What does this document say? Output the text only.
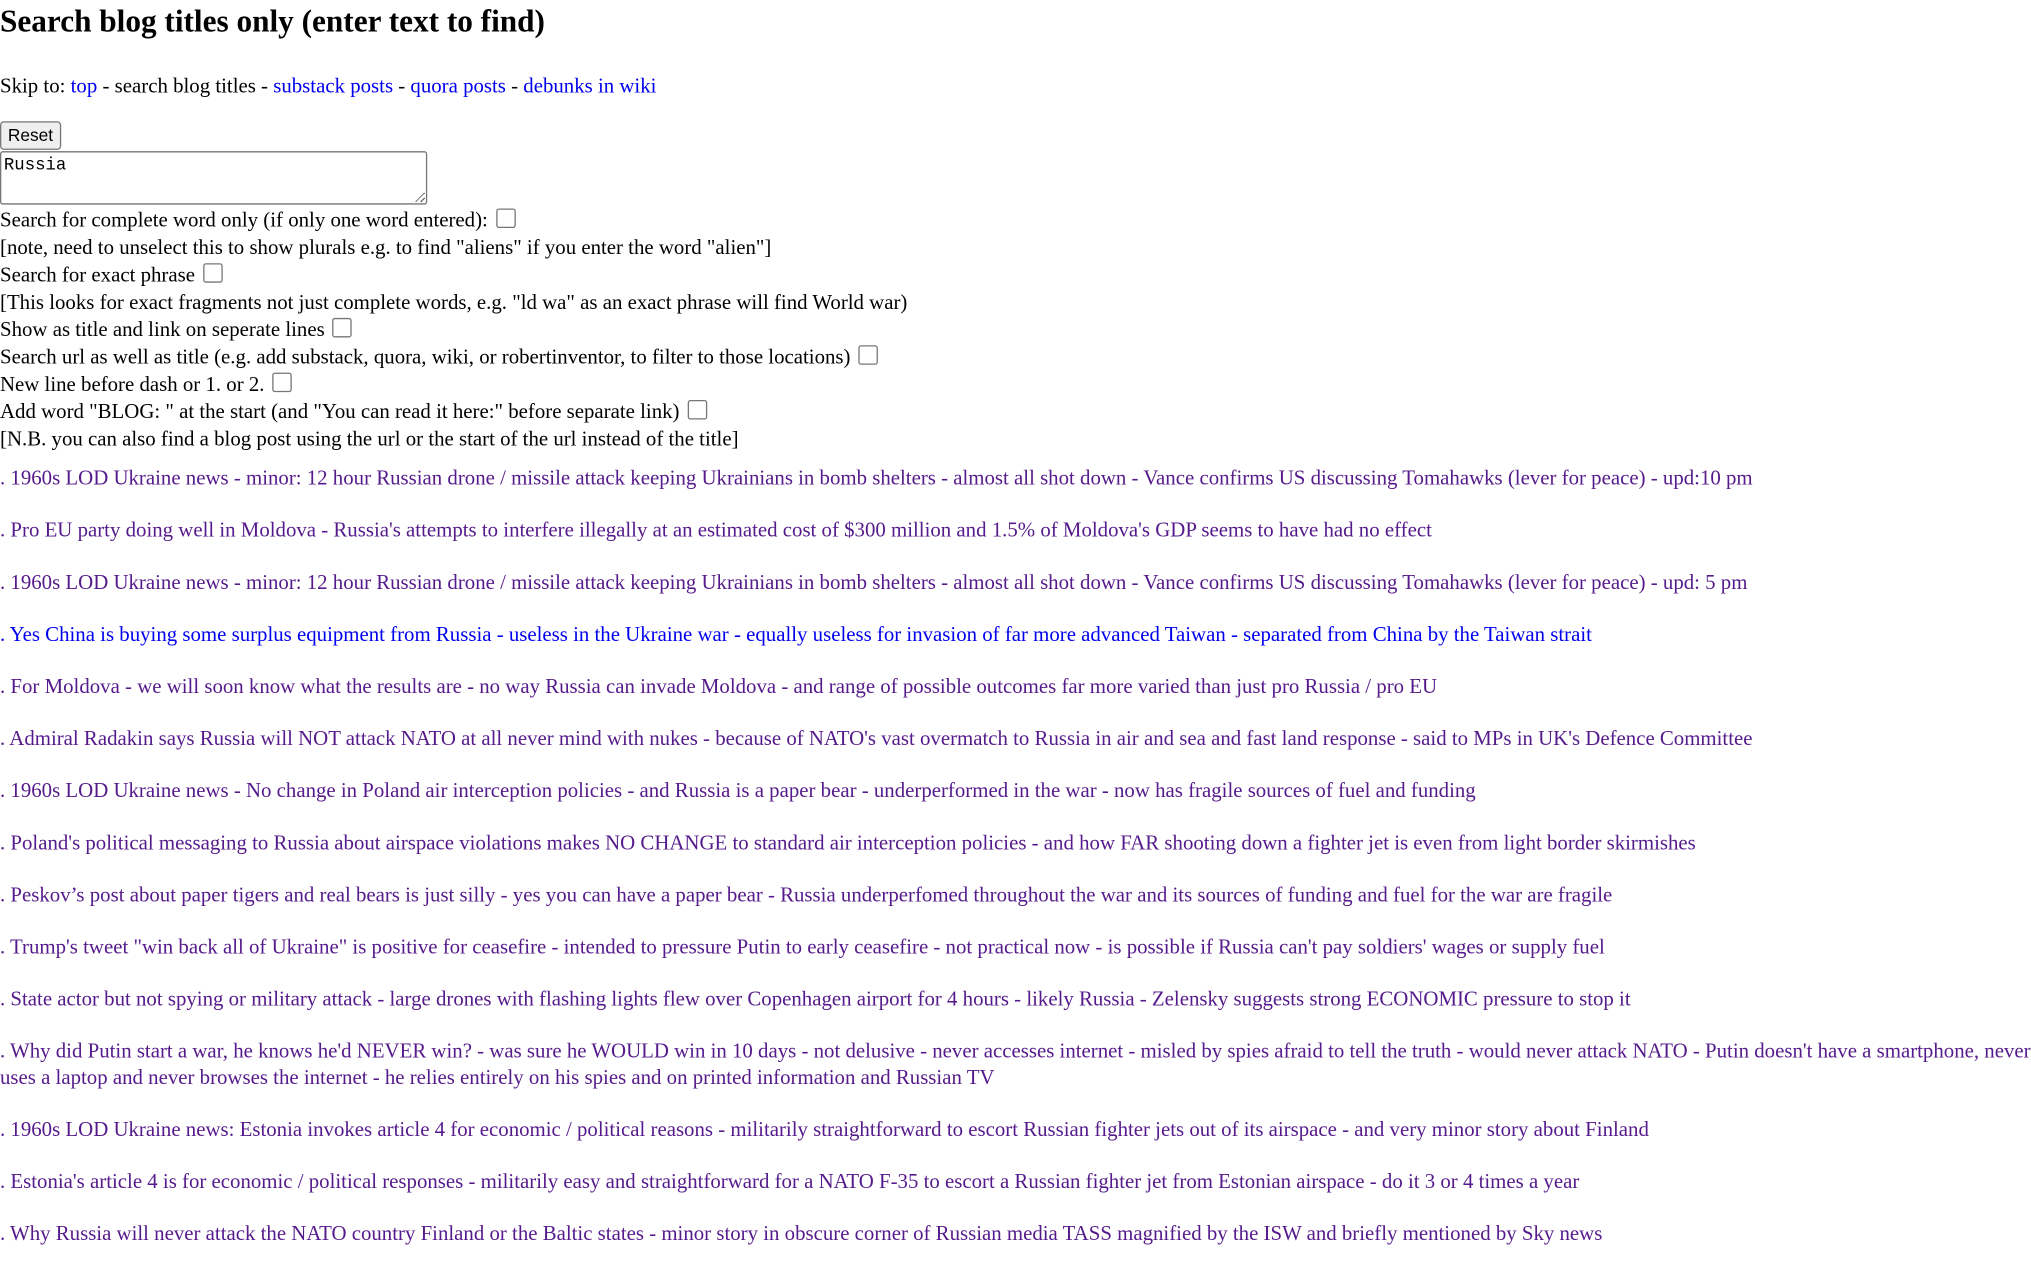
Search blog titles only (enter text to find)
Skip to: top - search blog titles - substack posts - quora posts - debunks in wiki
Reset
Russia
Search for complete word only (if only one word entered):
[note, need to unselect this to show plurals e.g. to find "aliens" if you enter the word "alien"]
Search for exact phrase
[This looks for exact fragments not just complete words, e.g. "ld wa" as an exact phrase will find World war)
Show as title and link on seperate lines
Search url as well as title (e.g. add substack, quora, wiki, or robertinventor, to filter to those locations)
New line before dash or 1. or 2.
Add word "BLOG: " at the start (and "You can read it here:" before separate link)
[N.B. you can also find a blog post using the url or the start of the url instead of the title]
. 1960s LOD Ukraine news - minor: 12 hour Russian drone / missile attack keeping Ukrainians in bomb shelters - almost all shot down - Vance confirms US discussing Tomahawks (lever for peace) - upd:10 pm
. Pro EU party doing well in Moldova - Russia's attempts to interfere illegally at an estimated cost of $300 million and 1.5% of Moldova's GDP seems to have had no effect
. 1960s LOD Ukraine news - minor: 12 hour Russian drone / missile attack keeping Ukrainians in bomb shelters - almost all shot down - Vance confirms US discussing Tomahawks (lever for peace) - upd: 5 pm
. Yes China is buying some surplus equipment from Russia - useless in the Ukraine war - equally useless for invasion of far more advanced Taiwan - separated from China by the Taiwan strait
. For Moldova - we will soon know what the results are - no way Russia can invade Moldova - and range of possible outcomes far more varied than just pro Russia / pro EU
. Admiral Radakin says Russia will NOT attack NATO at all never mind with nukes - because of NATO's vast overmatch to Russia in air and sea and fast land response - said to MPs in UK's Defence Committee
. 1960s LOD Ukraine news - No change in Poland air interception policies - and Russia is a paper bear - underperformed in the war - now has fragile sources of fuel and funding
. Poland's political messaging to Russia about airspace violations makes NO CHANGE to standard air interception policies - and how FAR shooting down a fighter jet is even from light border skirmishes
. Peskov’s post about paper tigers and real bears is just silly - yes you can have a paper bear - Russia underperfomed throughout the war and its sources of funding and fuel for the war are fragile
. Trump's tweet "win back all of Ukraine" is positive for ceasefire - intended to pressure Putin to early ceasefire - not practical now - is possible if Russia can't pay soldiers' wages or supply fuel
. State actor but not spying or military attack - large drones with flashing lights flew over Copenhagen airport for 4 hours - likely Russia - Zelensky suggests strong ECONOMIC pressure to stop it
. Why did Putin start a war, he knows he'd NEVER win? - was sure he WOULD win in 10 days - not delusive - never accesses internet - misled by spies afraid to tell the truth - would never attack NATO - Putin doesn't have a smartphone, never uses a laptop and never browses the internet - he relies entirely on his spies and on printed information and Russian TV
. 1960s LOD Ukraine news: Estonia invokes article 4 for economic / political reasons - militarily straightforward to escort Russian fighter jets out of its airspace - and very minor story about Finland
. Estonia's article 4 is for economic / political responses - militarily easy and straightforward for a NATO F-35 to escort a Russian fighter jet from Estonian airspace - do it 3 or 4 times a year
. Why Russia will never attack the NATO country Finland or the Baltic states - minor story in obscure corner of Russian media TASS magnified by the ISW and briefly mentioned by Sky news
